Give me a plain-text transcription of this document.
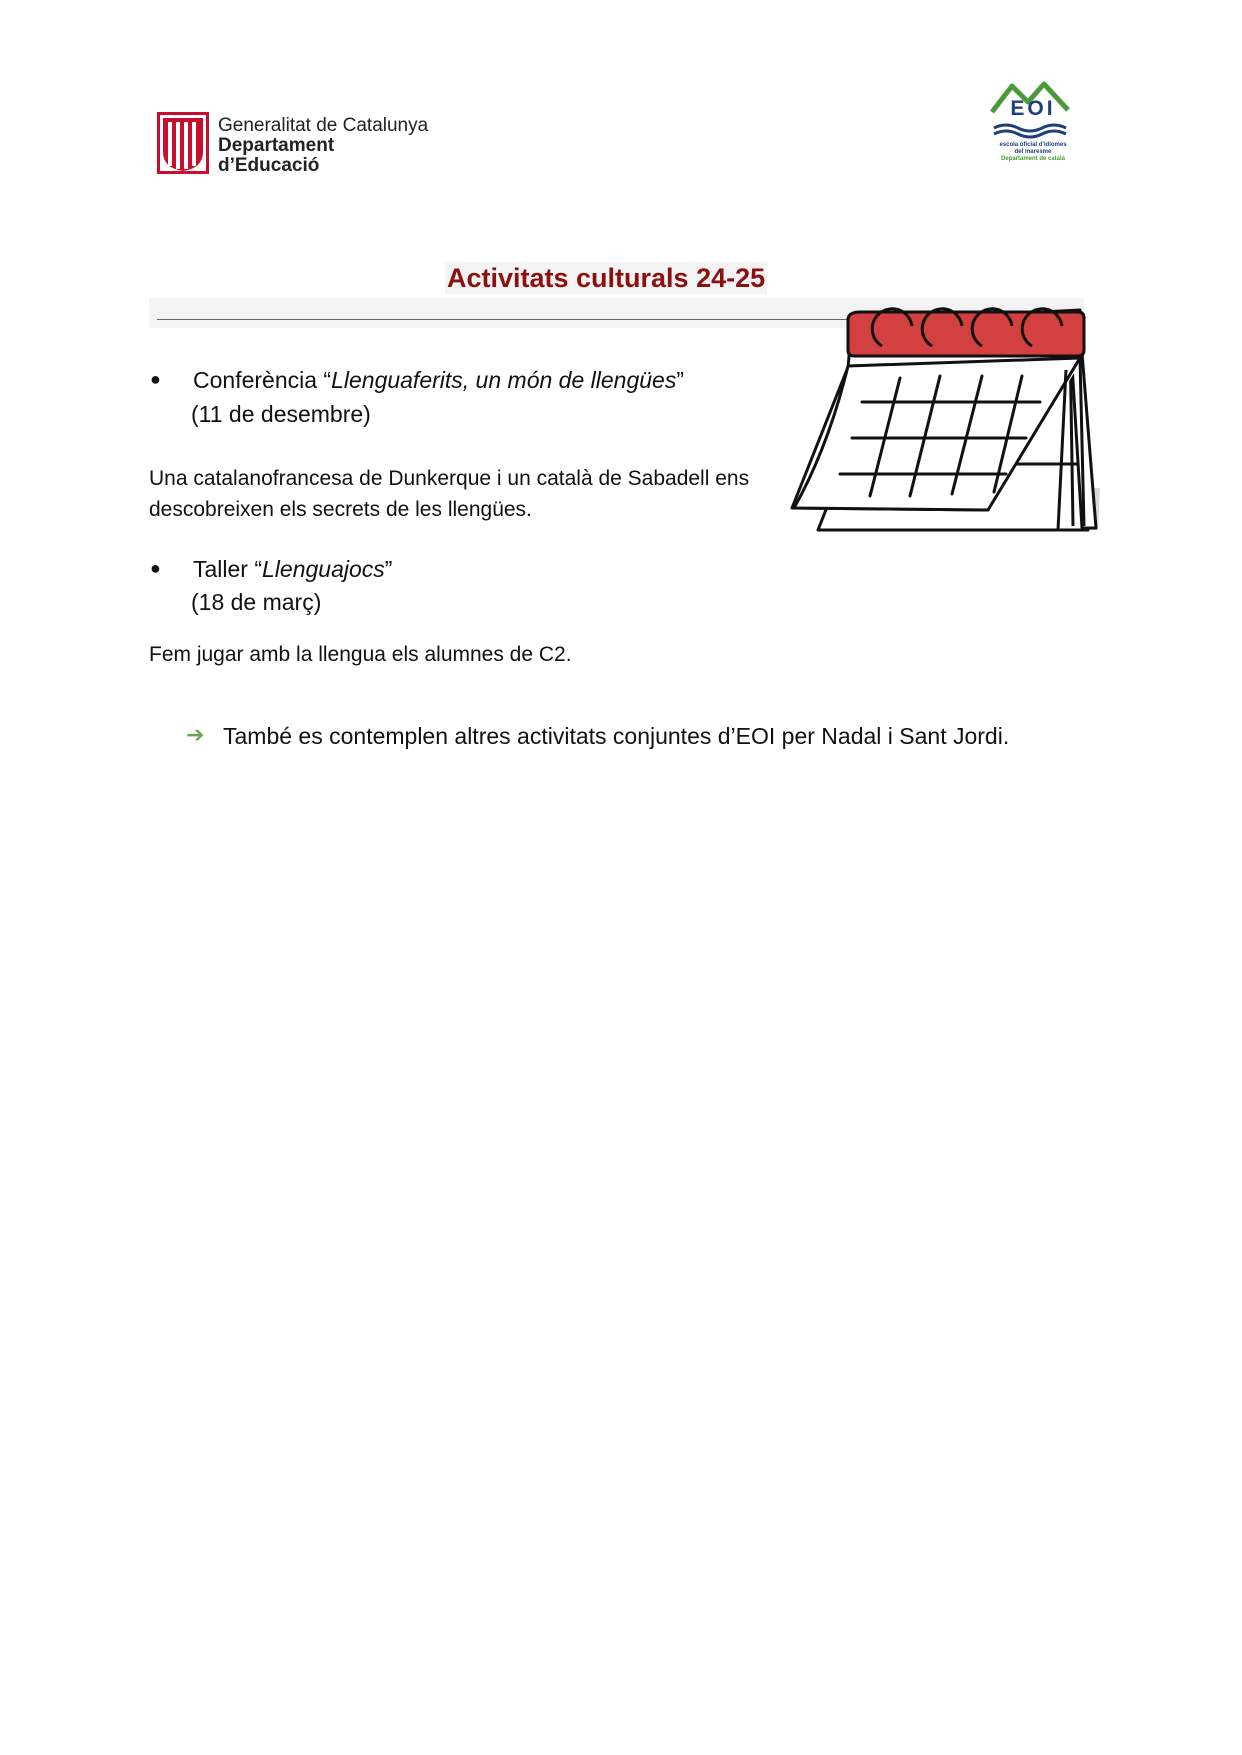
Generalitat de Catalunya
Departament
d’Educació
EOI
escola oficial d'idiomes
del maresme
Departament de català
Activitats culturals 24-25
● Conferència “Llenguaferits, un món de llengües”
(11 de desembre)
Una catalanofrancesa de Dunkerque i un català de Sabadell ens descobreixen els secrets de les llengües.
● Taller “Llenguajocs”
(18 de març)
Fem jugar amb la llengua els alumnes de C2.
➔ També es contemplen altres activitats conjuntes d’EOI per Nadal i Sant Jordi.
